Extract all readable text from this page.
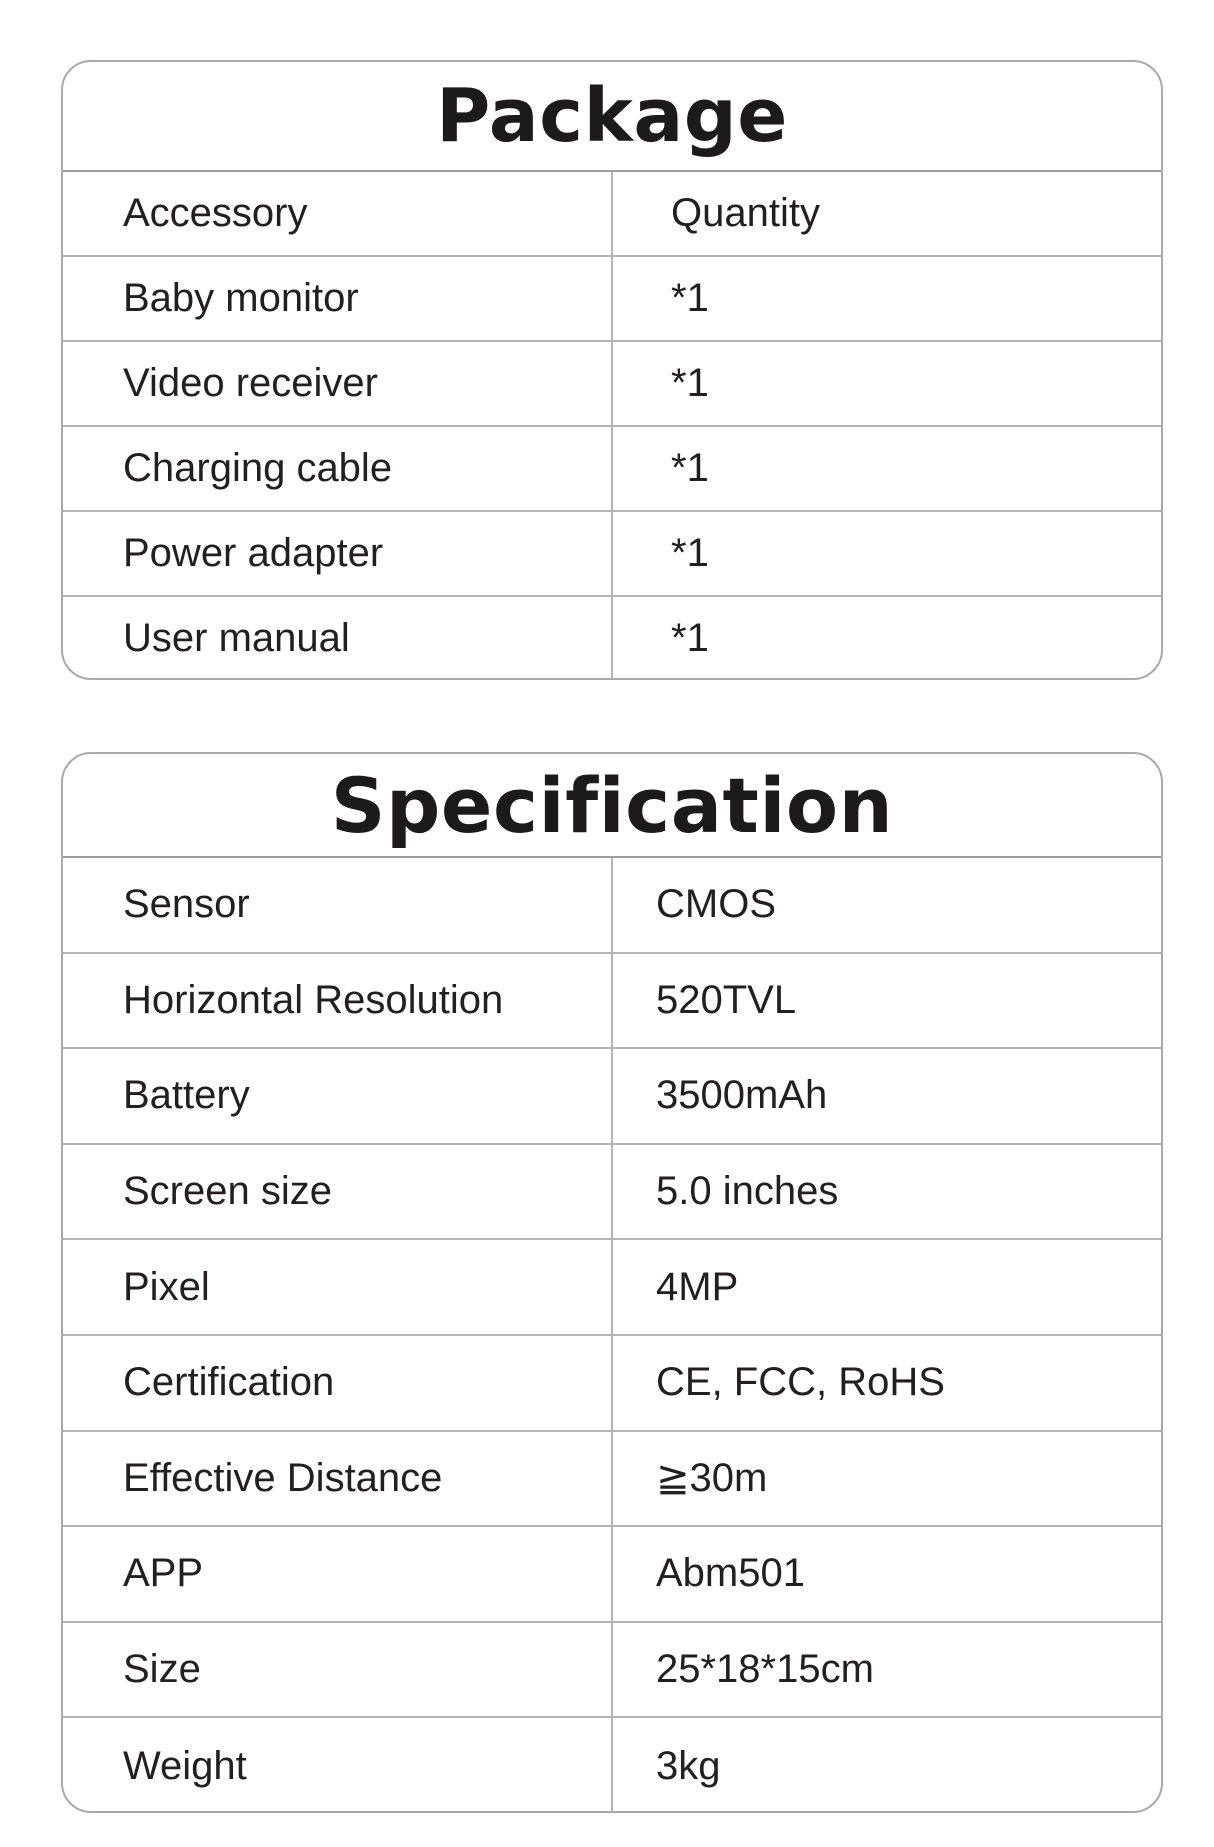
Package
Accessory	Quantity
Baby monitor	*1
Video receiver	*1
Charging cable	*1
Power adapter	*1
User manual	*1
Specification
Sensor	CMOS
Horizontal Resolution	520TVL
Battery	3500mAh
Screen size	5.0 inches
Pixel	4MP
Certification	CE, FCC, RoHS
Effective Distance	≧30m
APP	Abm501
Size	25*18*15cm
Weight	3kg
